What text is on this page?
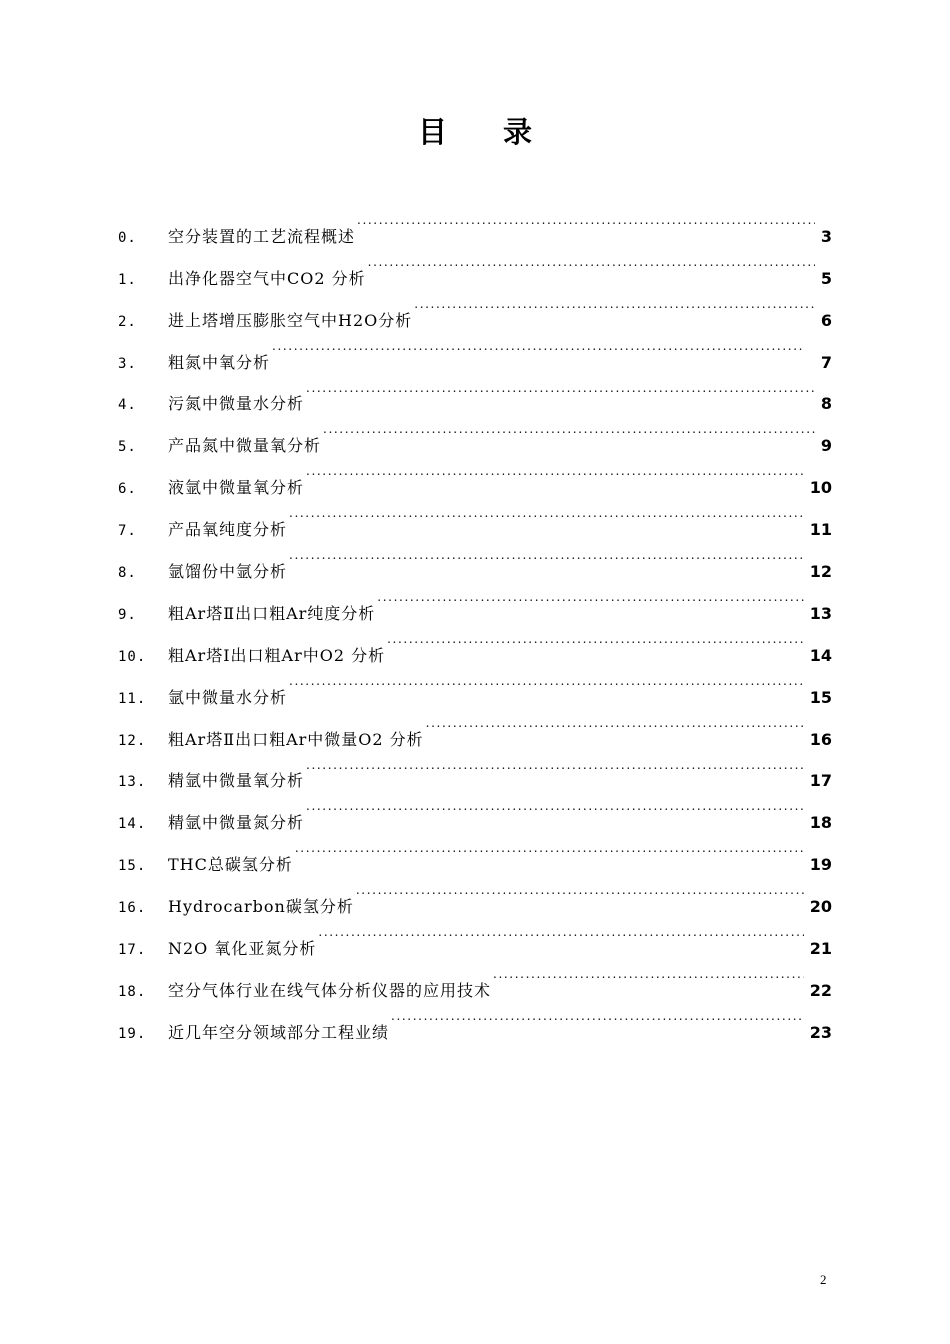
目录
0.	空分装置的工艺流程概述 . . .	3
1.	出净化器空气中CO2 分析 . . .	5
2.	进上塔增压膨胀空气中H2O分析 . . .	6
3.	粗氮中氧分析 . . .	7
4.	污氮中微量水分析 . . .	8
5.	产品氮中微量氧分析 . . .	9
6.	液氩中微量氧分析 . . .	10
7.	产品氧纯度分析 . . .	11
8.	氩馏份中氩分析 . . .	12
9.	粗Ar塔Ⅱ出口粗Ar纯度分析 . . .	13
10.	粗Ar塔I出口粗Ar中O2 分析 . . .	14
11.	氩中微量水分析 . . .	15
12.	粗Ar塔Ⅱ出口粗Ar中微量O2 分析 . . .	16
13.	精氩中微量氧分析 . . .	17
14.	精氩中微量氮分析 . . .	18
15.	THC总碳氢分析 . . .	19
16.	Hydrocarbon碳氢分析 . . .	20
17.	N2O 氧化亚氮分析 . . .	21
18.	空分气体行业在线气体分析仪器的应用技术 . . .	22
19.	近几年空分领域部分工程业绩 . . .	23
2
